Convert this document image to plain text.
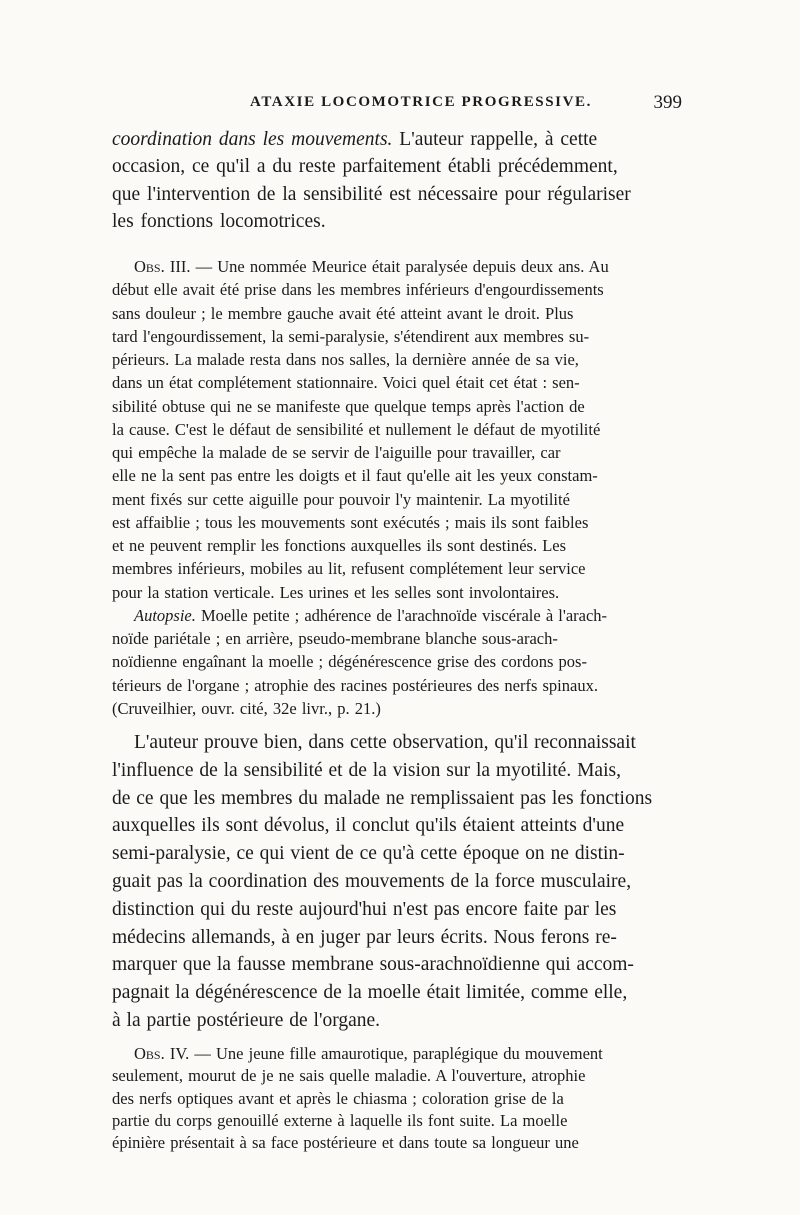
ATAXIE LOCOMOTRICE PROGRESSIVE.	399
coordination dans les mouvements. L'auteur rappelle, à cette
occasion, ce qu'il a du reste parfaitement établi précédemment,
que l'intervention de la sensibilité est nécessaire pour régulariser
les fonctions locomotrices.
Obs. III. — Une nommée Meurice était paralysée depuis deux ans. Au
début elle avait été prise dans les membres inférieurs d'engourdissements
sans douleur ; le membre gauche avait été atteint avant le droit. Plus
tard l'engourdissement, la semi-paralysie, s'étendirent aux membres su-
périeurs. La malade resta dans nos salles, la dernière année de sa vie,
dans un état complétement stationnaire. Voici quel était cet état : sen-
sibilité obtuse qui ne se manifeste que quelque temps après l'action de
la cause. C'est le défaut de sensibilité et nullement le défaut de myotilité
qui empêche la malade de se servir de l'aiguille pour travailler, car
elle ne la sent pas entre les doigts et il faut qu'elle ait les yeux constam-
ment fixés sur cette aiguille pour pouvoir l'y maintenir. La myotilité
est affaiblie ; tous les mouvements sont exécutés ; mais ils sont faibles
et ne peuvent remplir les fonctions auxquelles ils sont destinés. Les
membres inférieurs, mobiles au lit, refusent complétement leur service
pour la station verticale. Les urines et les selles sont involontaires.
Autopsie. Moelle petite ; adhérence de l'arachnoïde viscérale à l'arach-
noïde pariétale ; en arrière, pseudo-membrane blanche sous-arach-
noïdienne engaînant la moelle ; dégénérescence grise des cordons pos-
térieurs de l'organe ; atrophie des racines postérieures des nerfs spinaux.
(Cruveilhier, ouvr. cité, 32e livr., p. 21.)
L'auteur prouve bien, dans cette observation, qu'il reconnaissait
l'influence de la sensibilité et de la vision sur la myotilité. Mais,
de ce que les membres du malade ne remplissaient pas les fonctions
auxquelles ils sont dévolus, il conclut qu'ils étaient atteints d'une
semi-paralysie, ce qui vient de ce qu'à cette époque on ne distin-
guait pas la coordination des mouvements de la force musculaire,
distinction qui du reste aujourd'hui n'est pas encore faite par les
médecins allemands, à en juger par leurs écrits. Nous ferons re-
marquer que la fausse membrane sous-arachnoïdienne qui accom-
pagnait la dégénérescence de la moelle était limitée, comme elle,
à la partie postérieure de l'organe.
Obs. IV. — Une jeune fille amaurotique, paraplégique du mouvement
seulement, mourut de je ne sais quelle maladie. A l'ouverture, atrophie
des nerfs optiques avant et après le chiasma ; coloration grise de la
partie du corps genouillé externe à laquelle ils font suite. La moelle
épinière présentait à sa face postérieure et dans toute sa longueur une
